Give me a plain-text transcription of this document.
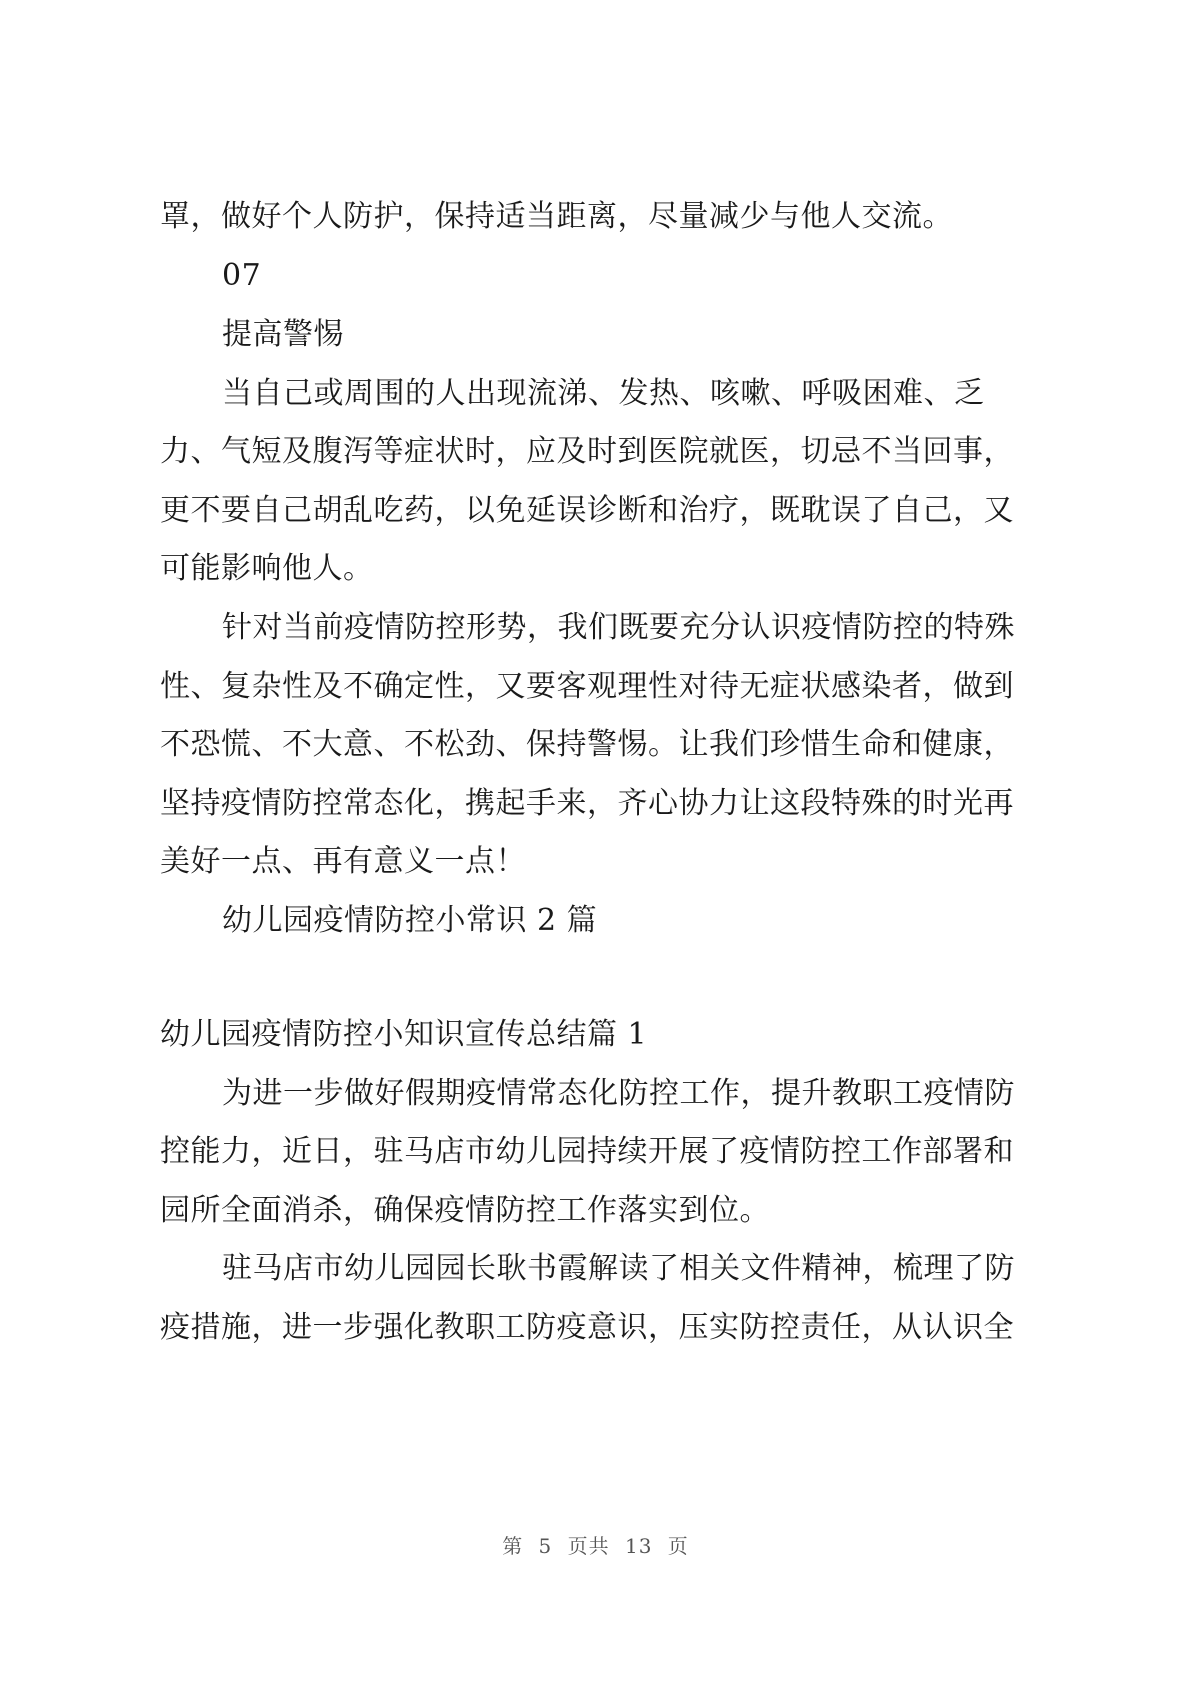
罩，做好个人防护，保持适当距离，尽量减少与他人交流。
07
提高警惕
当自己或周围的人出现流涕、发热、咳嗽、呼吸困难、乏
力、气短及腹泻等症状时，应及时到医院就医，切忌不当回事，
更不要自己胡乱吃药，以免延误诊断和治疗，既耽误了自己，又
可能影响他人。
针对当前疫情防控形势，我们既要充分认识疫情防控的特殊
性、复杂性及不确定性，又要客观理性对待无症状感染者，做到
不恐慌、不大意、不松劲、保持警惕。让我们珍惜生命和健康，
坚持疫情防控常态化，携起手来，齐心协力让这段特殊的时光再
美好一点、再有意义一点！
幼儿园疫情防控小常识 2 篇
幼儿园疫情防控小知识宣传总结篇 1
为进一步做好假期疫情常态化防控工作，提升教职工疫情防
控能力，近日，驻马店市幼儿园持续开展了疫情防控工作部署和
园所全面消杀，确保疫情防控工作落实到位。
驻马店市幼儿园园长耿书霞解读了相关文件精神，梳理了防
疫措施，进一步强化教职工防疫意识，压实防控责任，从认识全
第 5 页共 13 页
